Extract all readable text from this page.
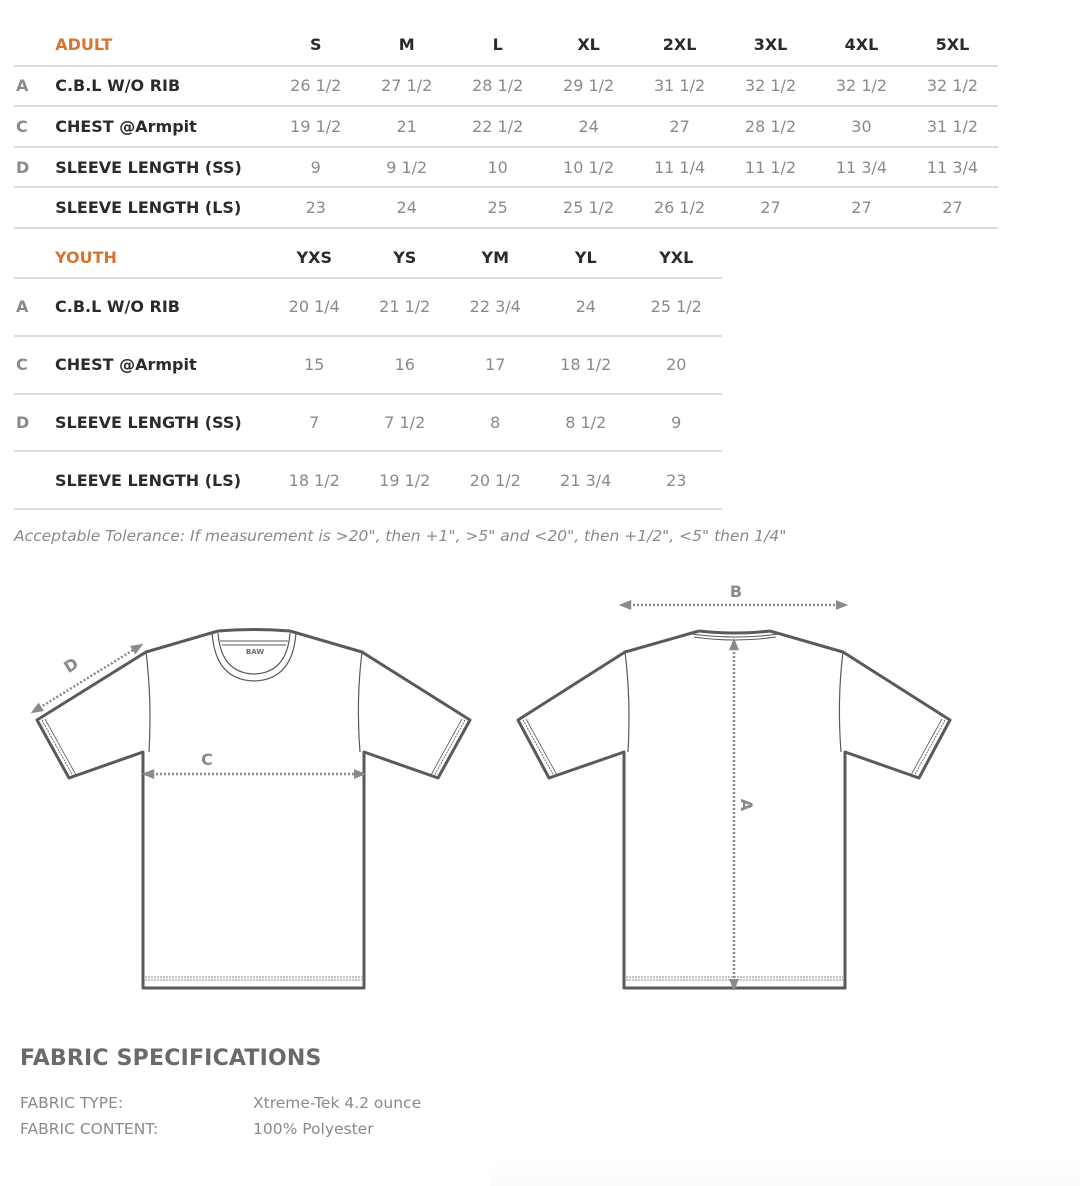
	ADULT	S	M	L	XL	2XL	3XL	4XL	5XL
A	C.B.L W/O RIB	26 1/2	27 1/2	28 1/2	29 1/2	31 1/2	32 1/2	32 1/2	32 1/2
C	CHEST @Armpit	19 1/2	21	22 1/2	24	27	28 1/2	30	31 1/2
D	SLEEVE LENGTH (SS)	9	9 1/2	10	10 1/2	11 1/4	11 1/2	11 3/4	11 3/4
	SLEEVE LENGTH (LS)	23	24	25	25 1/2	26 1/2	27	27	27
	YOUTH	YXS	YS	YM	YL	YXL
A	C.B.L W/O RIB	20 1/4	21 1/2	22 3/4	24	25 1/2
C	CHEST @Armpit	15	16	17	18 1/2	20
D	SLEEVE LENGTH (SS)	7	7 1/2	8	8 1/2	9
	SLEEVE LENGTH (LS)	18 1/2	19 1/2	20 1/2	21 3/4	23
Acceptable Tolerance: If measurement is >20", then +1", >5" and <20", then +1/2", <5" then 1/4"
BAW
D
C
B
A
FABRIC SPECIFICATIONS
FABRIC TYPE:	Xtreme-Tek 4.2 ounce
FABRIC CONTENT:	100% Polyester
